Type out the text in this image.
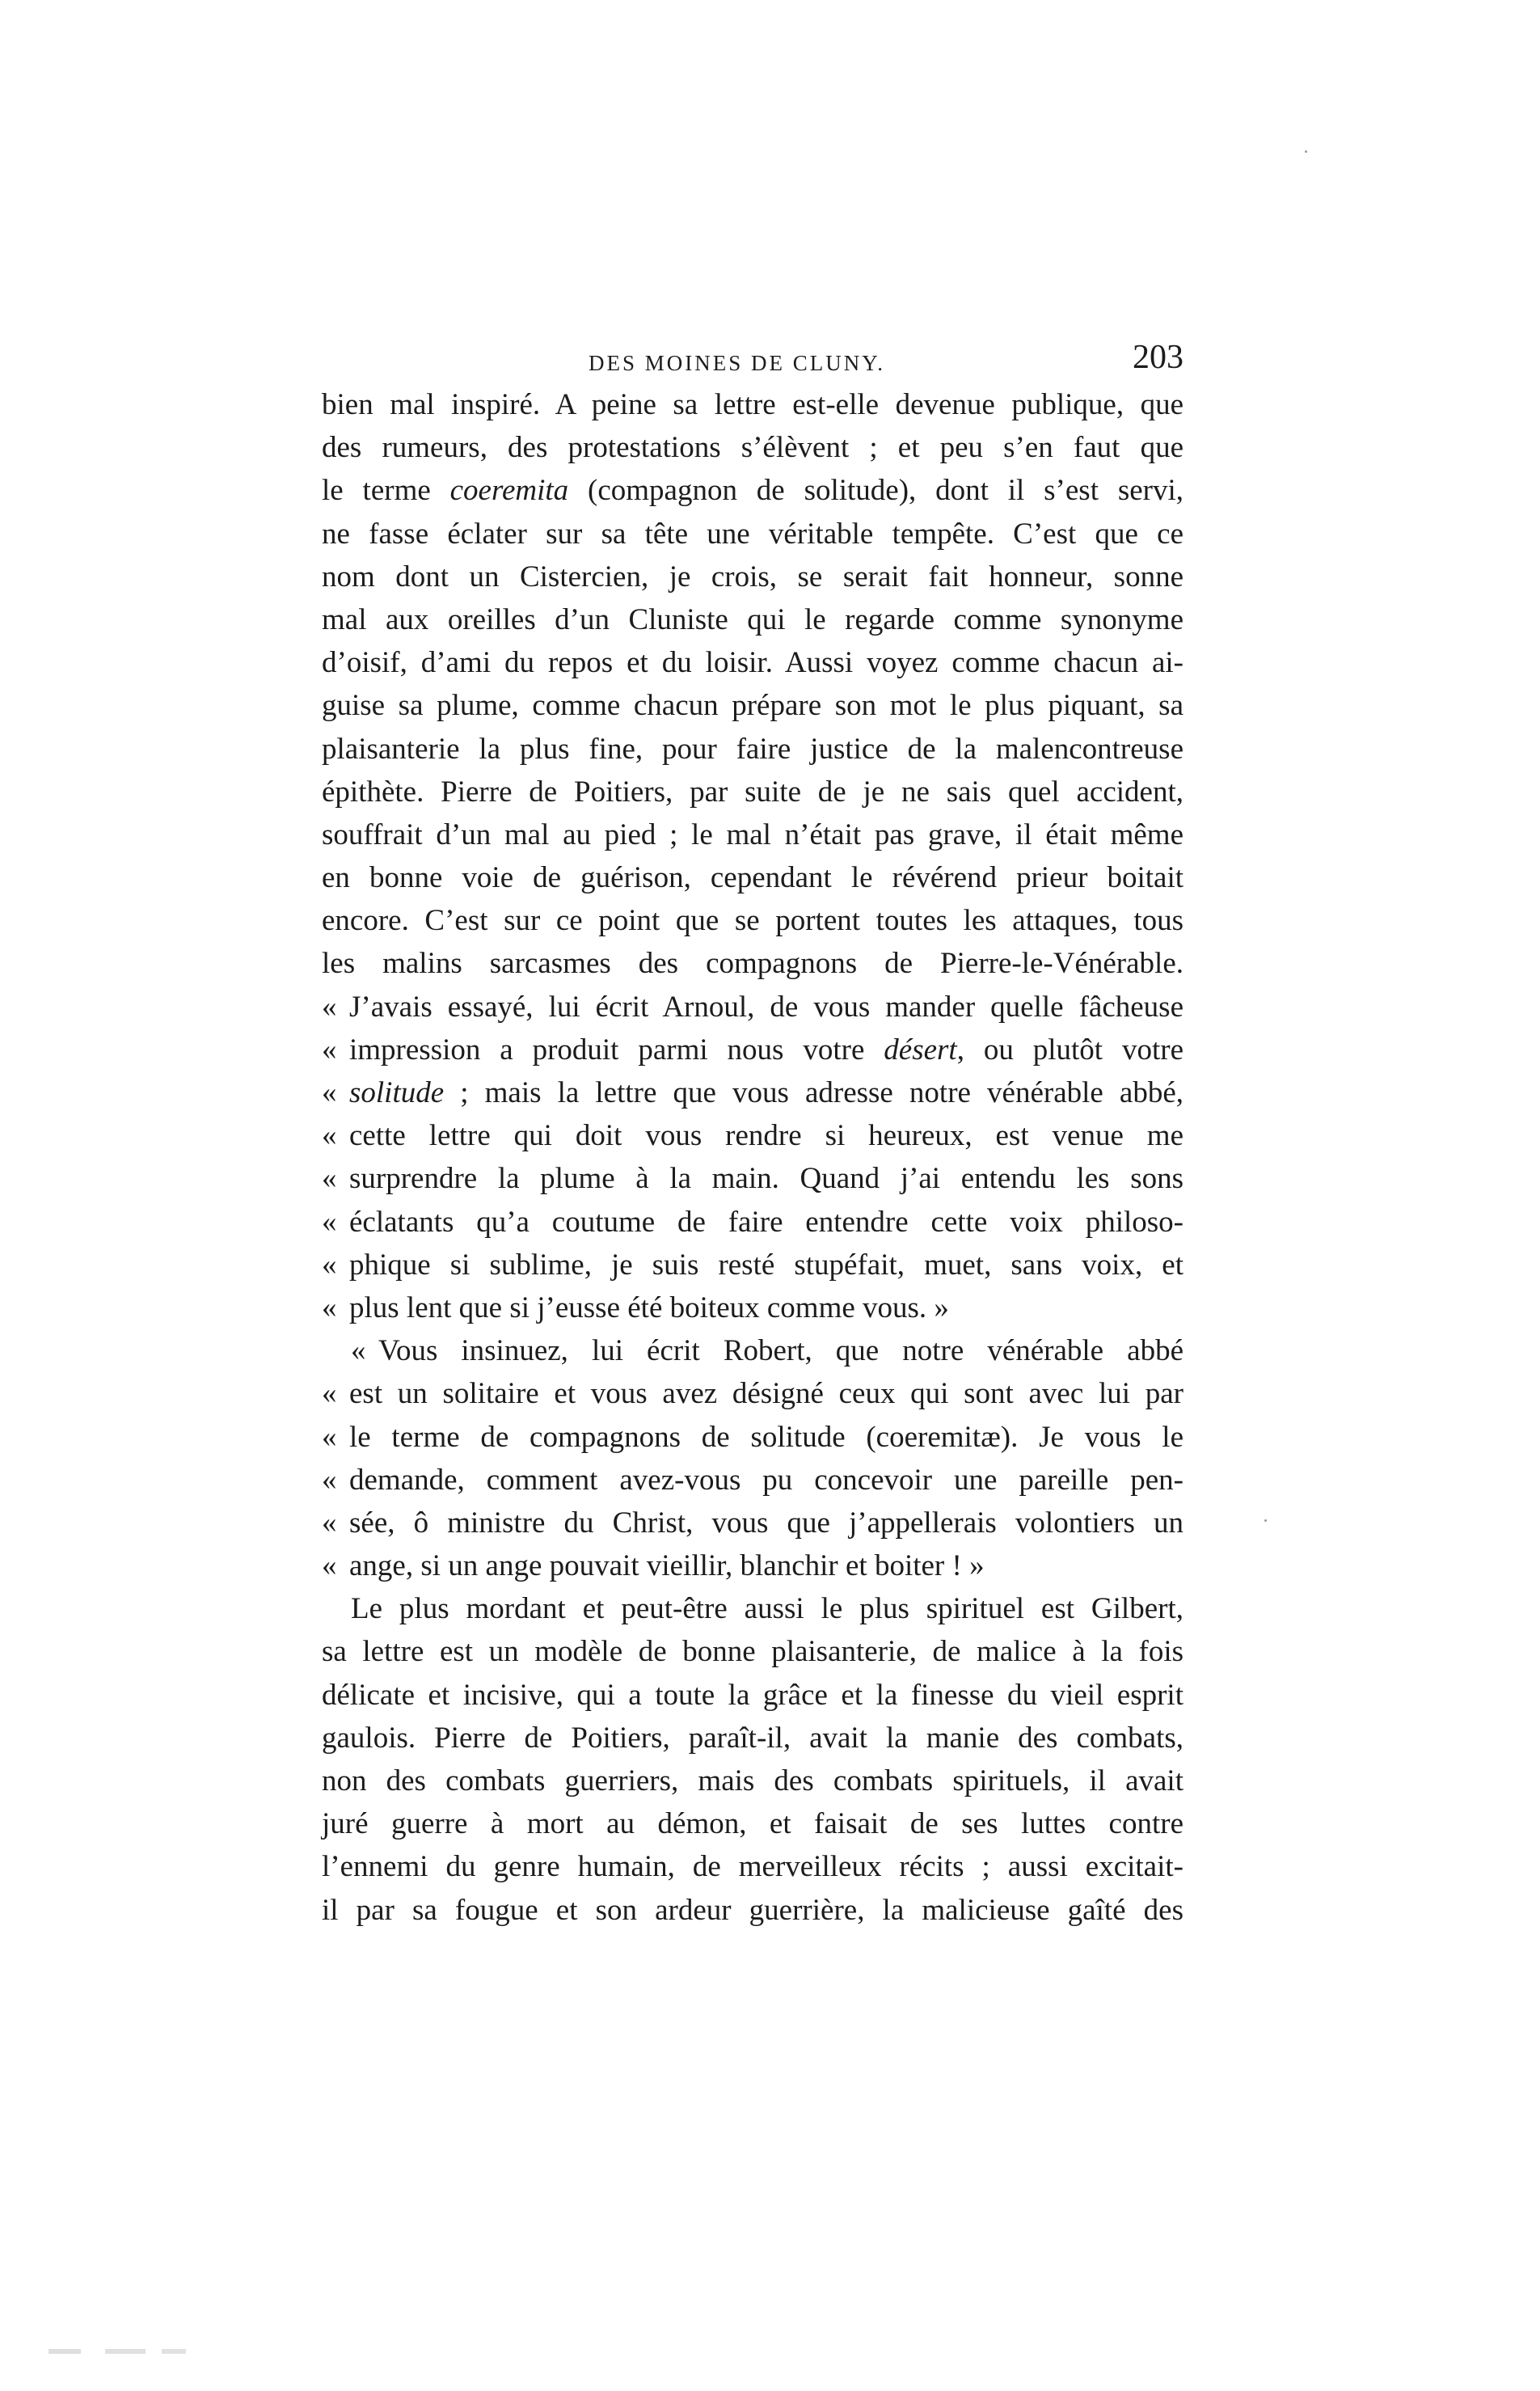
DES MOINES DE CLUNY.	203
bien mal inspiré. A peine sa lettre est-elle devenue publique, que
des rumeurs, des protestations s’élèvent ; et peu s’en faut que
le terme coeremita (compagnon de solitude), dont il s’est servi,
ne fasse éclater sur sa tête une véritable tempête. C’est que ce
nom dont un Cistercien, je crois, se serait fait honneur, sonne
mal aux oreilles d’un Cluniste qui le regarde comme synonyme
d’oisif, d’ami du repos et du loisir. Aussi voyez comme chacun ai-
guise sa plume, comme chacun prépare son mot le plus piquant, sa
plaisanterie la plus fine, pour faire justice de la malencontreuse
épithète. Pierre de Poitiers, par suite de je ne sais quel accident,
souffrait d’un mal au pied ; le mal n’était pas grave, il était même
en bonne voie de guérison, cependant le révérend prieur boitait
encore. C’est sur ce point que se portent toutes les attaques, tous
les malins sarcasmes des compagnons de Pierre-le-Vénérable.
« J’avais essayé, lui écrit Arnoul, de vous mander quelle fâcheuse
« impression a produit parmi nous votre désert, ou plutôt votre
« solitude ; mais la lettre que vous adresse notre vénérable abbé,
« cette lettre qui doit vous rendre si heureux, est venue me
« surprendre la plume à la main. Quand j’ai entendu les sons
« éclatants qu’a coutume de faire entendre cette voix philoso-
« phique si sublime, je suis resté stupéfait, muet, sans voix, et
« plus lent que si j’eusse été boiteux comme vous. »
« Vous insinuez, lui écrit Robert, que notre vénérable abbé
« est un solitaire et vous avez désigné ceux qui sont avec lui par
« le terme de compagnons de solitude (coeremitæ). Je vous le
« demande, comment avez-vous pu concevoir une pareille pen-
« sée, ô ministre du Christ, vous que j’appellerais volontiers un
« ange, si un ange pouvait vieillir, blanchir et boiter ! »
Le plus mordant et peut-être aussi le plus spirituel est Gilbert,
sa lettre est un modèle de bonne plaisanterie, de malice à la fois
délicate et incisive, qui a toute la grâce et la finesse du vieil esprit
gaulois. Pierre de Poitiers, paraît-il, avait la manie des combats,
non des combats guerriers, mais des combats spirituels, il avait
juré guerre à mort au démon, et faisait de ses luttes contre
l’ennemi du genre humain, de merveilleux récits ; aussi excitait-
il par sa fougue et son ardeur guerrière, la malicieuse gaîté des
